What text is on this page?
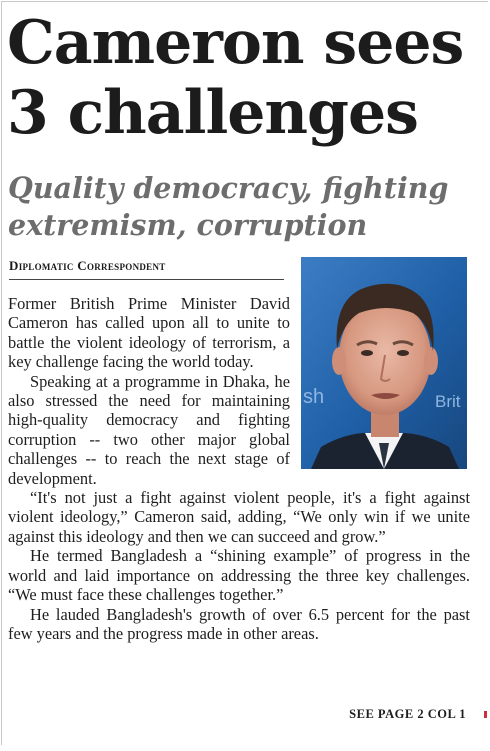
Cameron sees 3 challenges
Quality democracy, fighting extremism, corruption
Diplomatic Correspondent
sh	Brit

Former British Prime Minister David Cameron has called upon all to unite to battle the violent ideology of terrorism, a key challenge facing the world today.

Speaking at a programme in Dhaka, he also stressed the need for maintaining high-quality democracy and fighting corruption -- two other major global challenges -- to reach the next stage of development.

“It's not just a fight against violent people, it's a fight against violent ideology,” Cameron said, adding, “We only win if we unite against this ideology and then we can succeed and grow.”

He termed Bangladesh a “shining example” of progress in the world and laid importance on addressing the three key challenges. “We must face these challenges together.”

He lauded Bangladesh's growth of over 6.5 percent for the past few years and the progress made in other areas.

SEE PAGE 2 COL 1
